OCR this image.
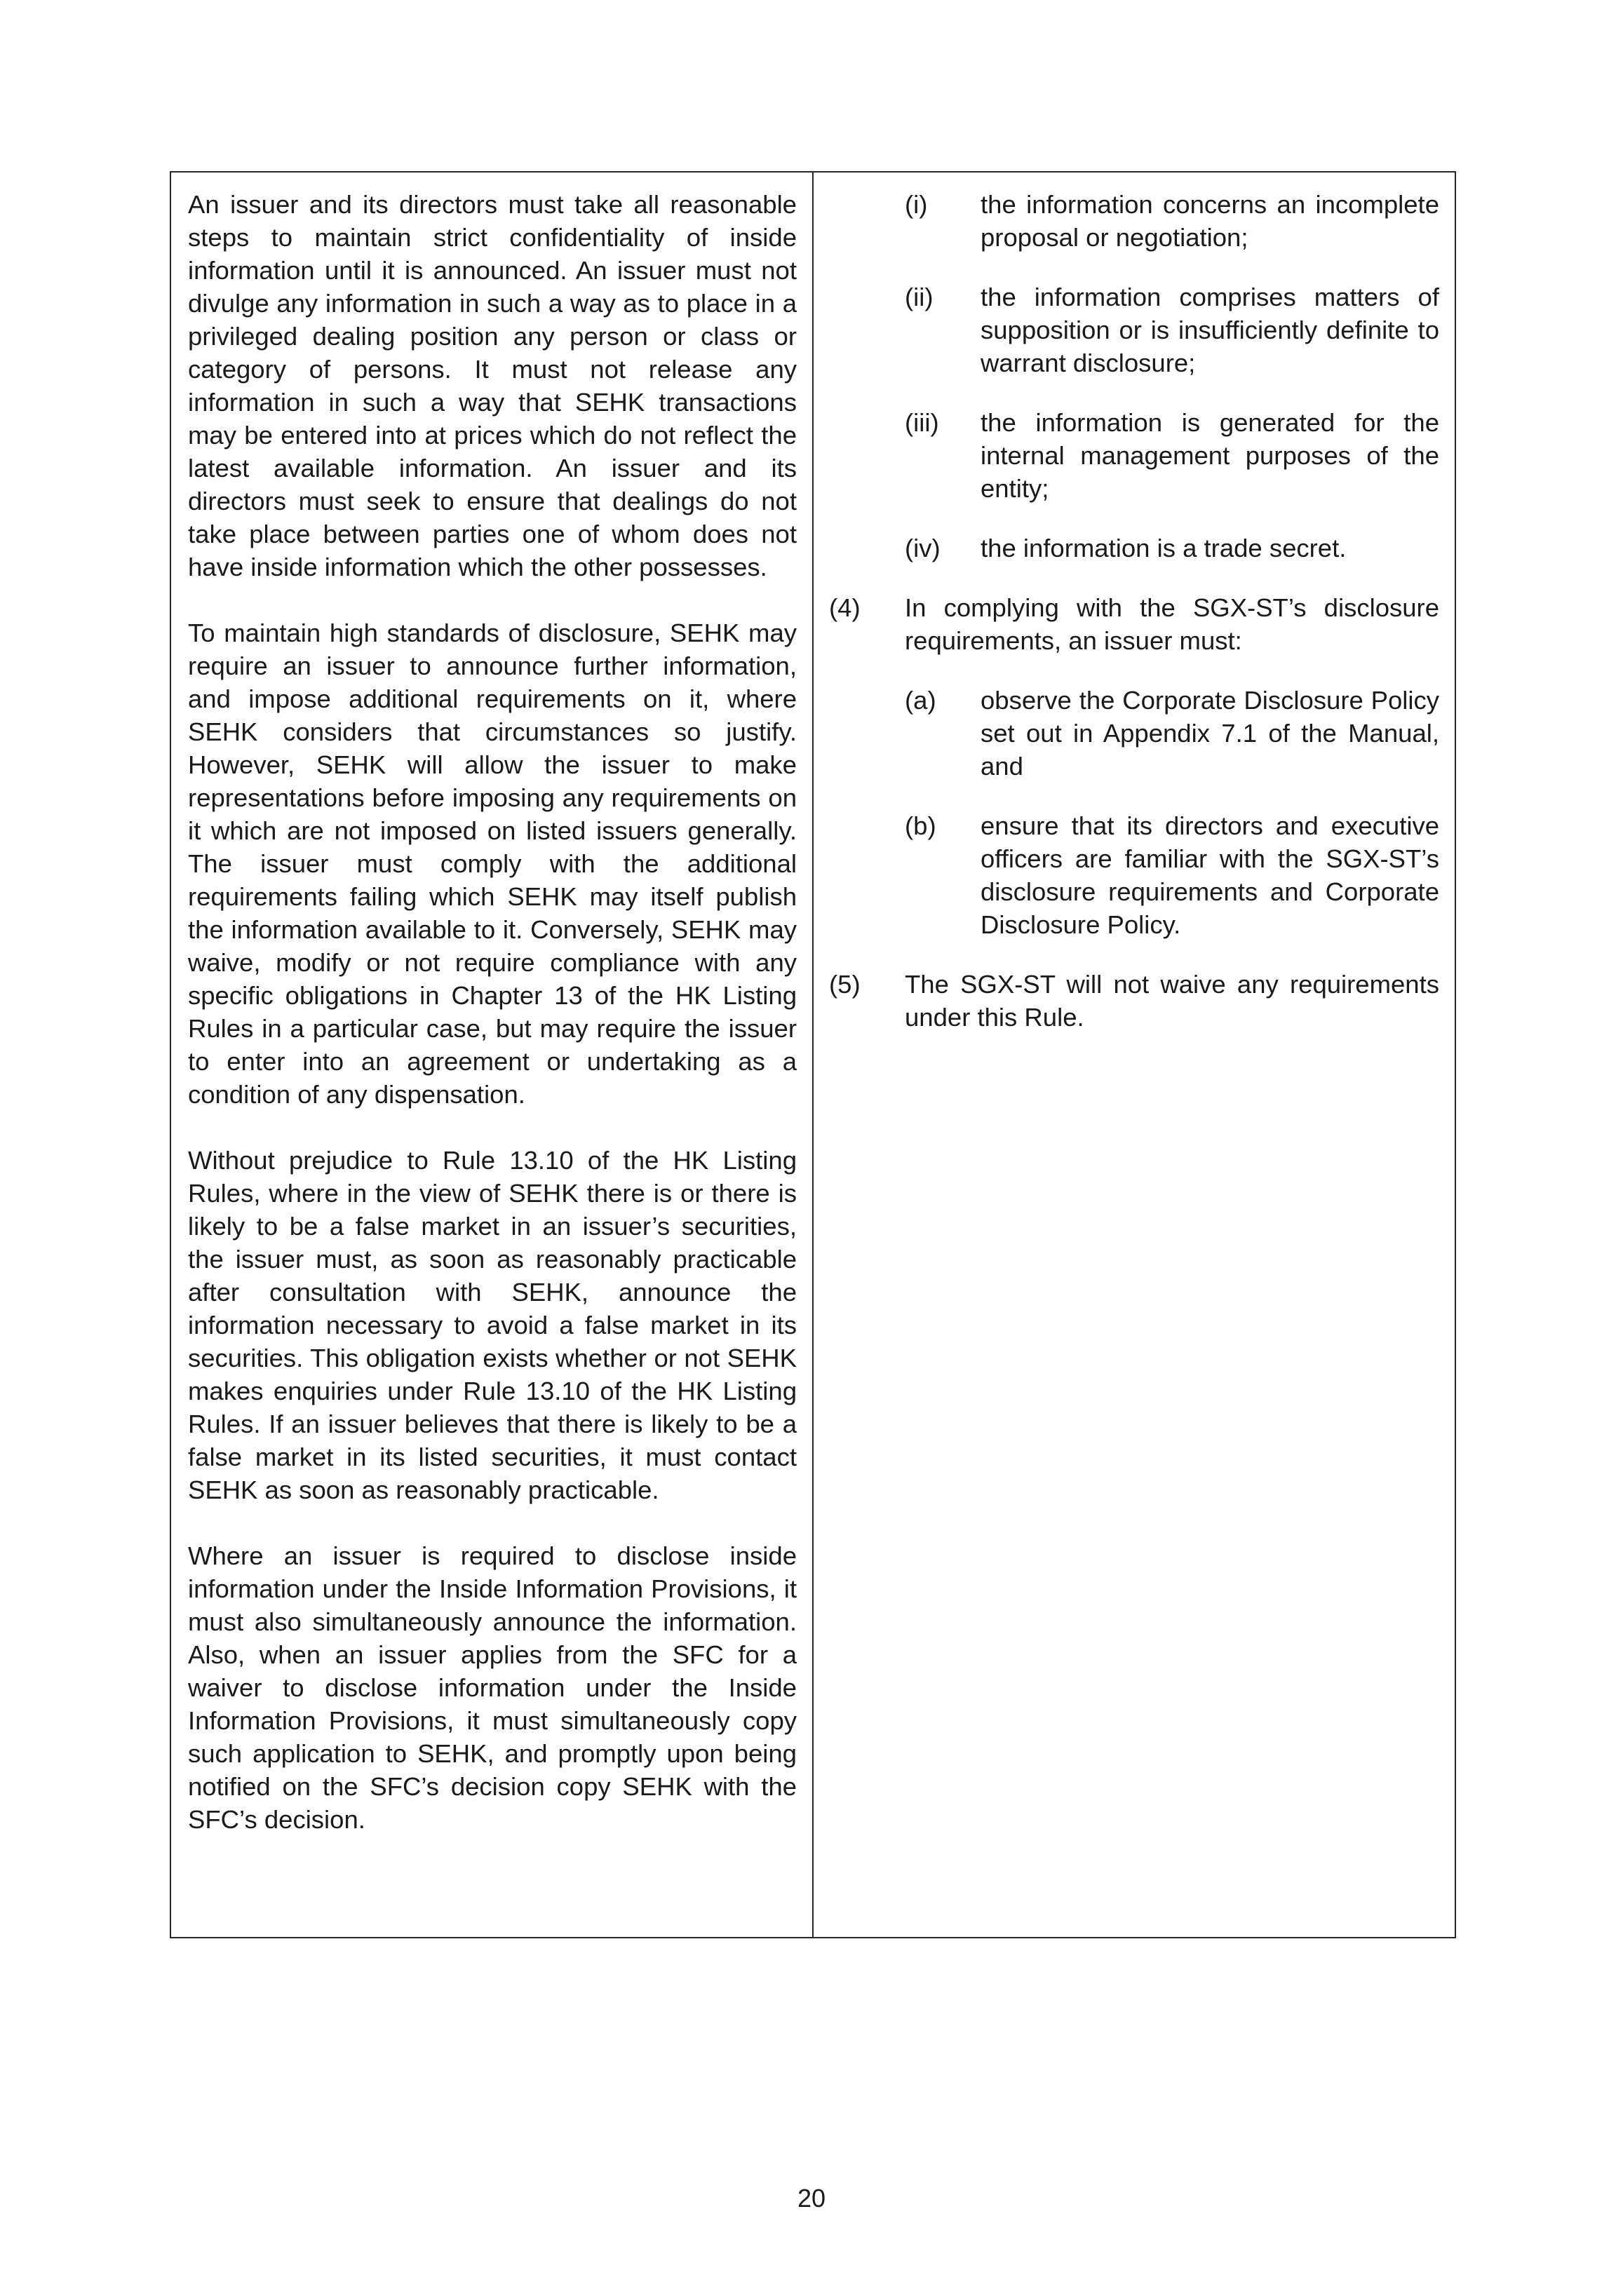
An issuer and its directors must take all reasonable steps to maintain strict confidentiality of inside information until it is announced. An issuer must not divulge any information in such a way as to place in a privileged dealing position any person or class or category of persons. It must not release any information in such a way that SEHK transactions may be entered into at prices which do not reflect the latest available information. An issuer and its directors must seek to ensure that dealings do not take place between parties one of whom does not have inside information which the other possesses.

To maintain high standards of disclosure, SEHK may require an issuer to announce further information, and impose additional requirements on it, where SEHK considers that circumstances so justify. However, SEHK will allow the issuer to make representations before imposing any requirements on it which are not imposed on listed issuers generally. The issuer must comply with the additional requirements failing which SEHK may itself publish the information available to it. Conversely, SEHK may waive, modify or not require compliance with any specific obligations in Chapter 13 of the HK Listing Rules in a particular case, but may require the issuer to enter into an agreement or undertaking as a condition of any dispensation.

Without prejudice to Rule 13.10 of the HK Listing Rules, where in the view of SEHK there is or there is likely to be a false market in an issuer’s securities, the issuer must, as soon as reasonably practicable after consultation with SEHK, announce the information necessary to avoid a false market in its securities. This obligation exists whether or not SEHK makes enquiries under Rule 13.10 of the HK Listing Rules. If an issuer believes that there is likely to be a false market in its listed securities, it must contact SEHK as soon as reasonably practicable.

Where an issuer is required to disclose inside information under the Inside Information Provisions, it must also simultaneously announce the information. Also, when an issuer applies from the SFC for a waiver to disclose information under the Inside Information Provisions, it must simultaneously copy such application to SEHK, and promptly upon being notified on the SFC’s decision copy SEHK with the SFC’s decision.

(i)	the information concerns an incomplete proposal or negotiation;
(ii)	the information comprises matters of supposition or is insufficiently definite to warrant disclosure;
(iii)	the information is generated for the internal management purposes of the entity;
(iv)	the information is a trade secret.
(4)	In complying with the SGX-ST’s disclosure requirements, an issuer must:
(a)	observe the Corporate Disclosure Policy set out in Appendix 7.1 of the Manual, and
(b)	ensure that its directors and executive officers are familiar with the SGX-ST’s disclosure requirements and Corporate Disclosure Policy.
(5)	The SGX-ST will not waive any requirements under this Rule.
20
